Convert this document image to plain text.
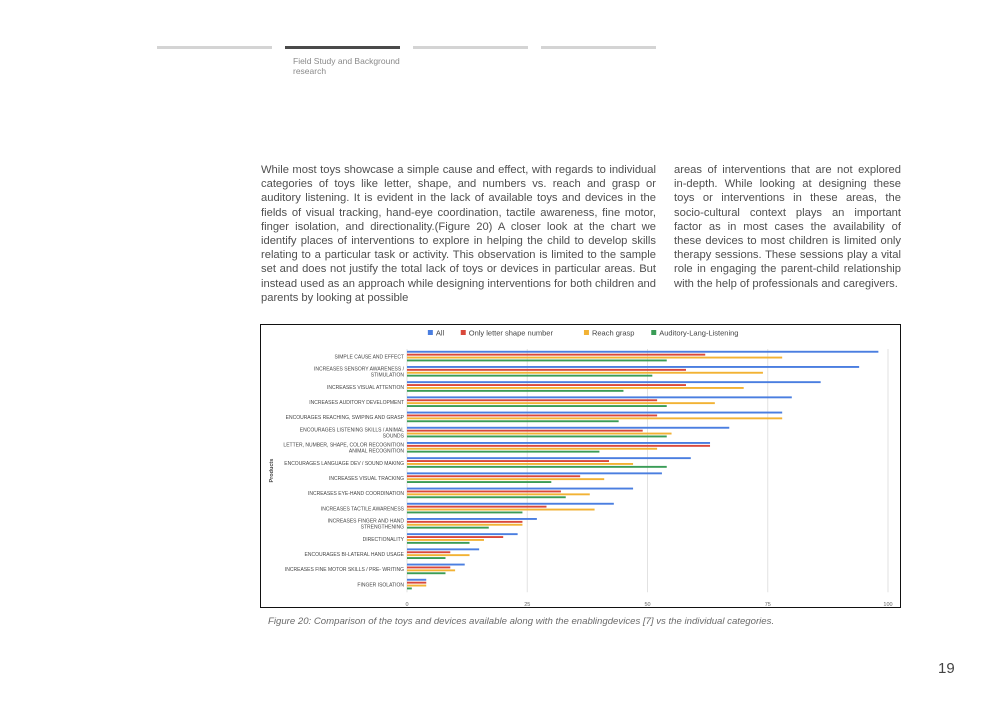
Field Study and Background research

While most toys showcase a simple cause and effect, with regards to individual categories of toys like letter, shape, and numbers vs. reach and grasp or auditory listening. It is evident in the lack of available toys and devices in the fields of visual tracking, hand-eye coordination, tactile awareness, fine motor, finger isolation, and directionality.(Figure 20) A closer look at the chart we identify places of interventions to explore in helping the child to develop skills relating to a particular task or activity. This observation is limited to the sample set and does not justify the total lack of toys or devices in particular areas. But instead used as an approach while designing interventions for both children and parents by looking at possible

areas of interventions that are not explored in-depth. While looking at designing these toys or interventions in these areas, the socio-cultural context plays an important factor as in most cases the availability of these devices to most children is limited only therapy sessions. These sessions play a vital role in engaging the parent-child relationship with the help of professionals and caregivers.

0	25	50	75	100
All	Only letter shape number	Reach grasp	Auditory-Lang-Listening
Products
SIMPLE CAUSE AND EFFECT
INCREASES SENSORY AWARENESS /
STIMULATION
INCREASES VISUAL ATTENTION
INCREASES AUDITORY DEVELOPMENT
ENCOURAGES REACHING, SWIPING AND GRASP
ENCOURAGES LISTENING SKILLS / ANIMAL
SOUNDS
LETTER, NUMBER, SHAPE, COLOR RECOGNITION
ANIMAL RECOGNITION
ENCOURAGES LANGUAGE DEV / SOUND MAKING
INCREASES VISUAL TRACKING
INCREASES EYE-HAND COORDINATION
INCREASES TACTILE AWARENESS
INCREASES FINGER AND HAND
STRENGTHENING
DIRECTIONALITY
ENCOURAGES BI-LATERAL HAND USAGE
INCREASES FINE MOTOR SKILLS / PRE- WRITING
FINGER ISOLATION
Figure 20: Comparison of the toys and devices available along with the enablingdevices [7] vs the individual categories.
19
